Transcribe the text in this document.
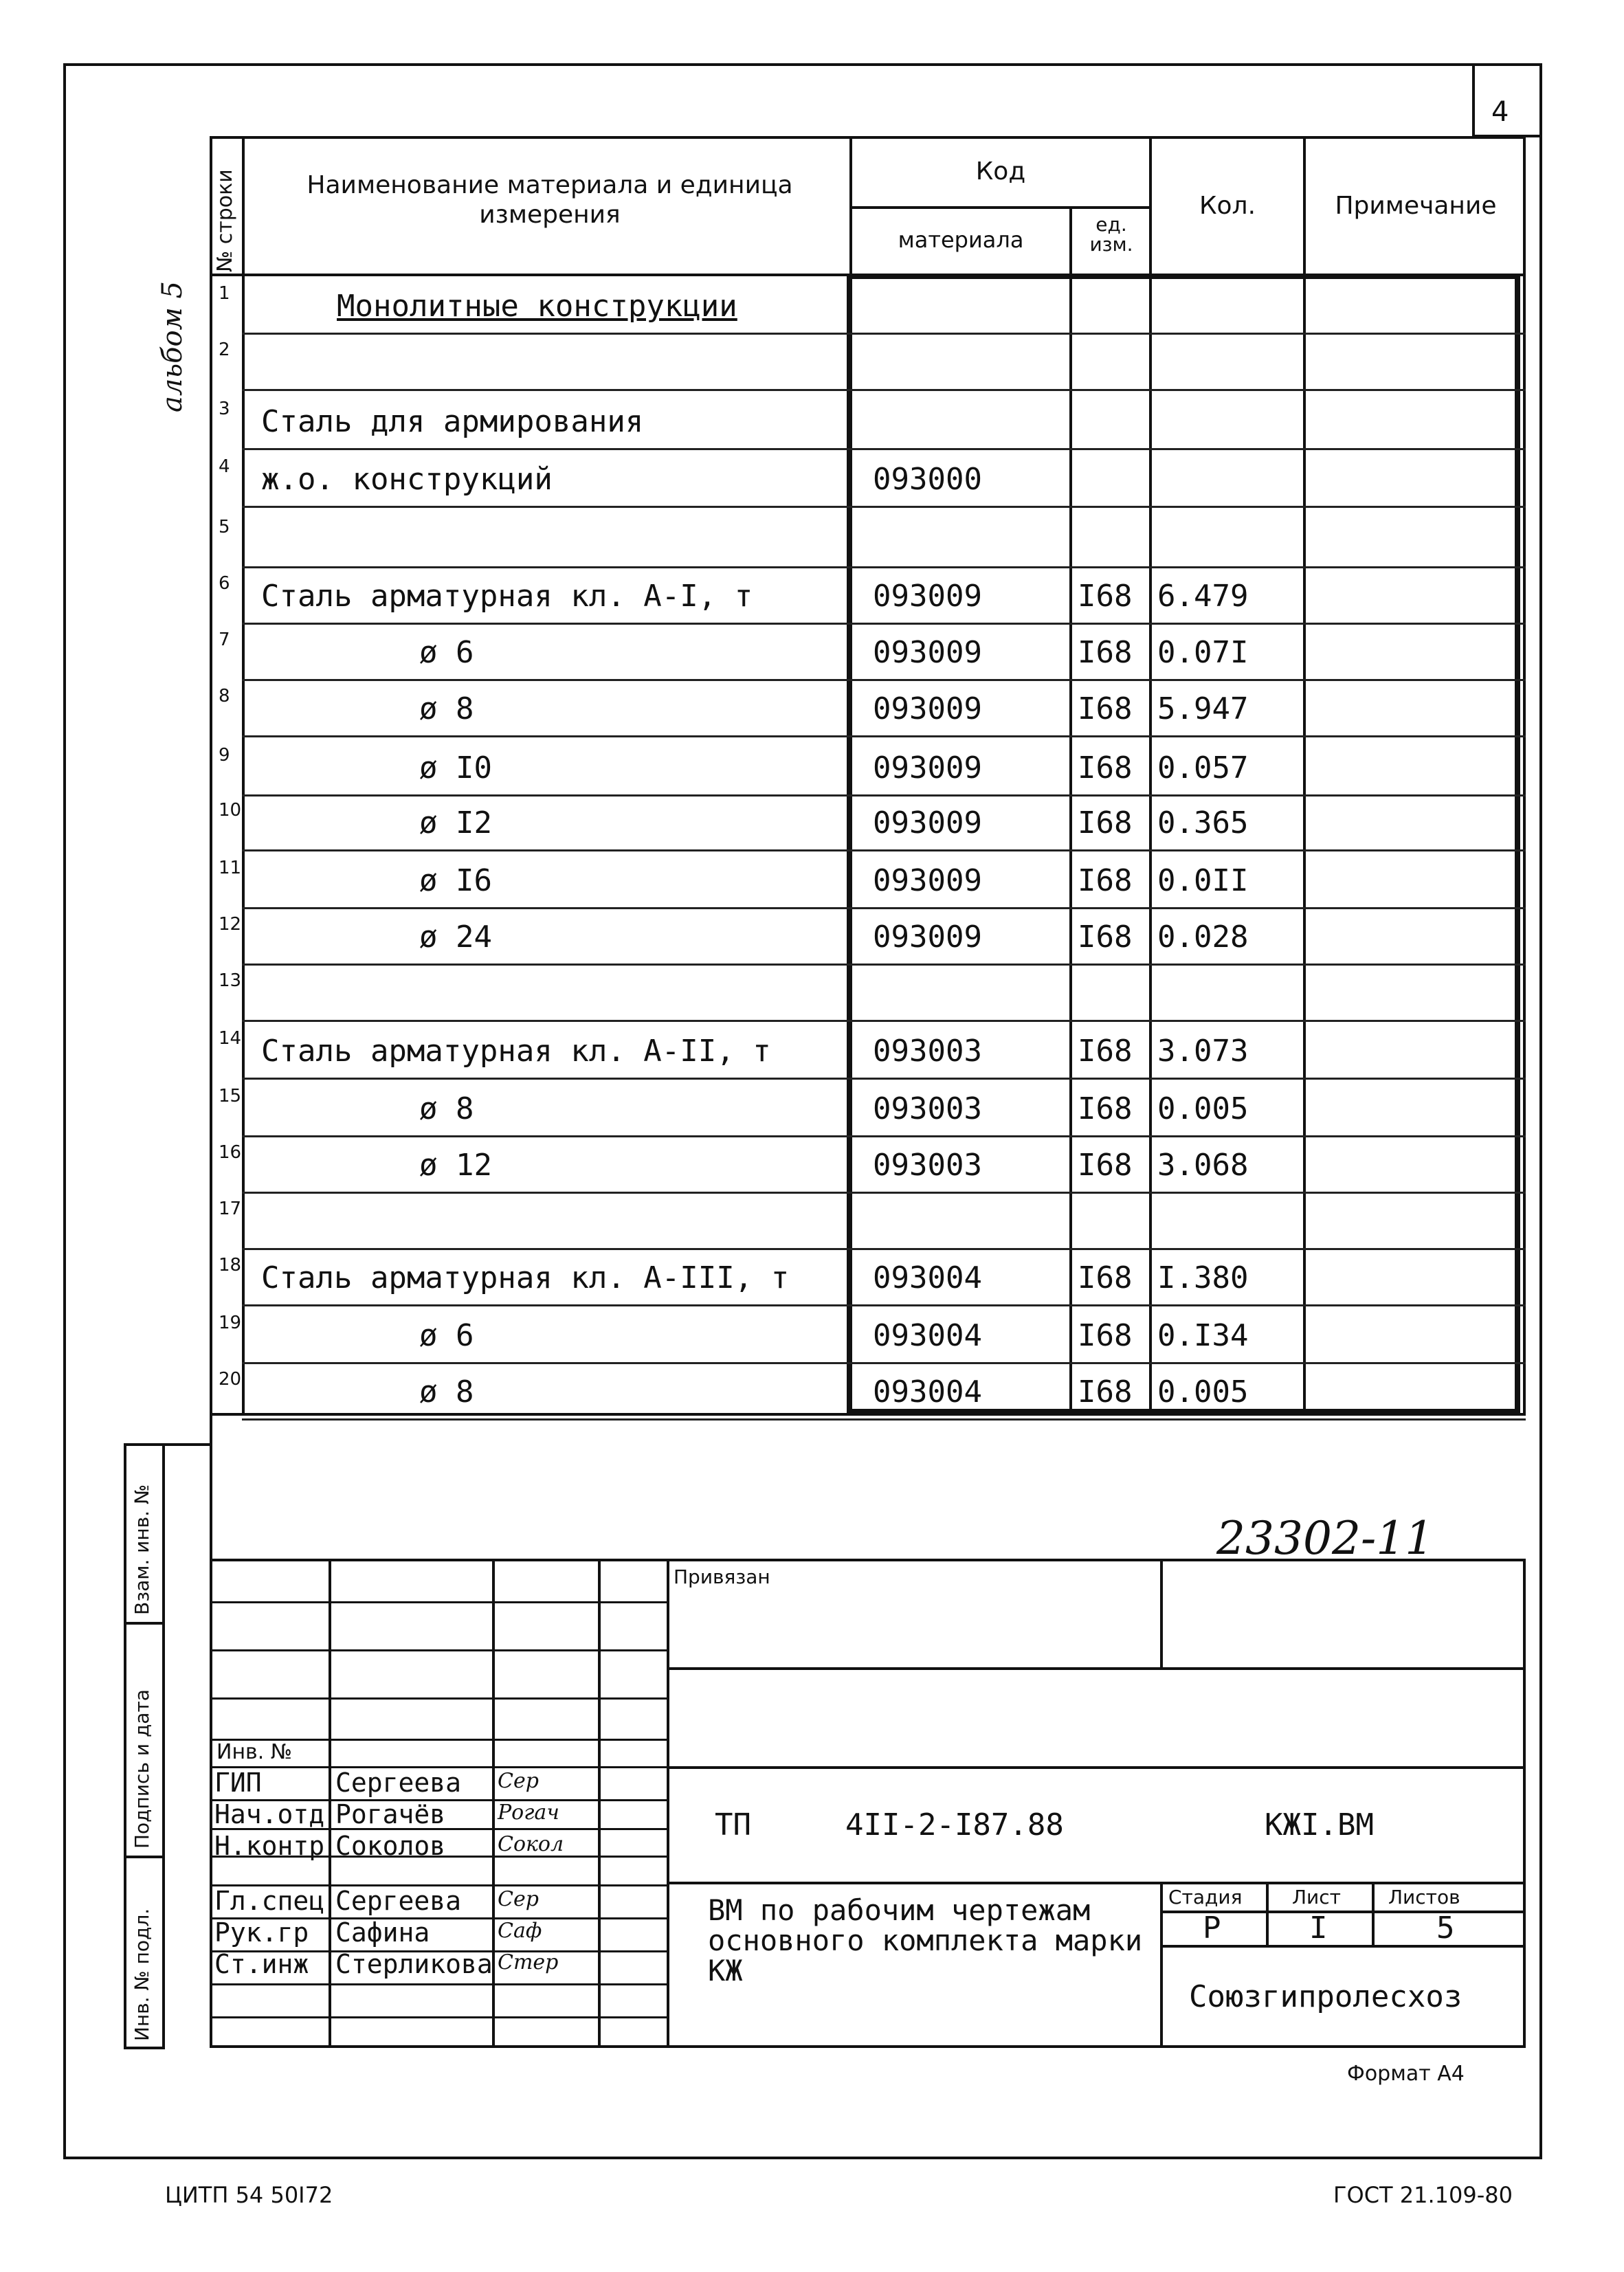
4
№ строки	Наименование материала и единица измерения
Код
материала
ед. изм.
Кол.	Примечание
альбом 5 1	Монолитные конструкции
2
3 Сталь для армирования
4 ж.о. конструкций	093000
5
6 Сталь арматурная кл. А-I, т	093009	I68 6.479
7	ø 6	093009	I68 0.07I
8	ø 8	093009	I68 5.947
9	ø I0	093009	I68 0.057
10	ø I2	093009	I68 0.365
11	ø I6	093009	I68 0.0II
12	ø 24	093009	I68 0.028
13
14 Сталь арматурная кл. А-II, т	093003	I68 3.073
15	ø 8	093003	I68 0.005
16	ø 12	093003	I68 3.068
17
18 Сталь арматурная кл. А-III, т	093004	I68 I.380
19	ø 6	093004	I68 0.I34
20	ø 8	093004	I68 0.005
23302-11
Взам. инв. №
Подпись и дата
Инв. № подл.
Привязан
Инв. №
ГИП	Сергеева Сер
Нач.отд Рогачёв	Рогач
Н.контр Соколов	Сокол
Гл.спец Сергеева Сер
Рук.гр Сафина	Саф
Ст.инж Стерликова Стер
ТП	4II-2-I87.88	КЖI.ВМ
ВМ по рабочим чертежам основного комплекта марки КЖ
Стадия	Лист Листов
Р	I	5
Союзгипролесхоз
Формат А4
ЦИТП 54 50I72	ГОСТ 21.109-80
